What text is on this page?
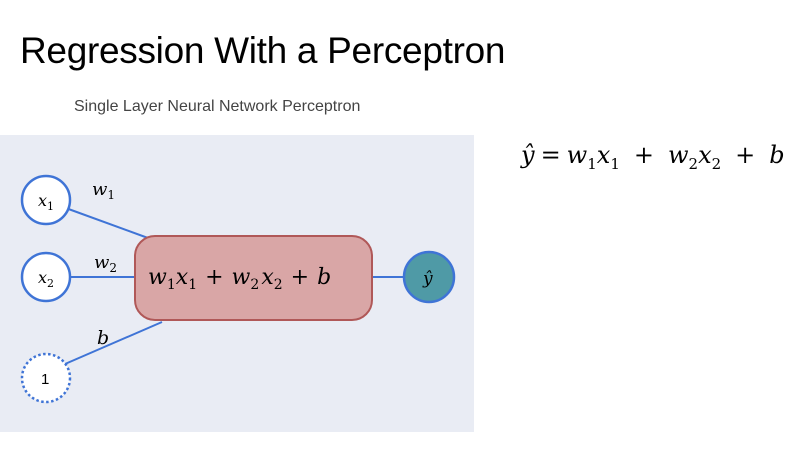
Regression With a Perceptron
Single Layer Neural Network Perceptron
$x_1$
$x_2$
1
$w_1$
$w_2$
b
$w_1x_1 + w_2x_2 + b$	ŷ
ŷ = $w_1x_1 + w_2x_2 + b$
